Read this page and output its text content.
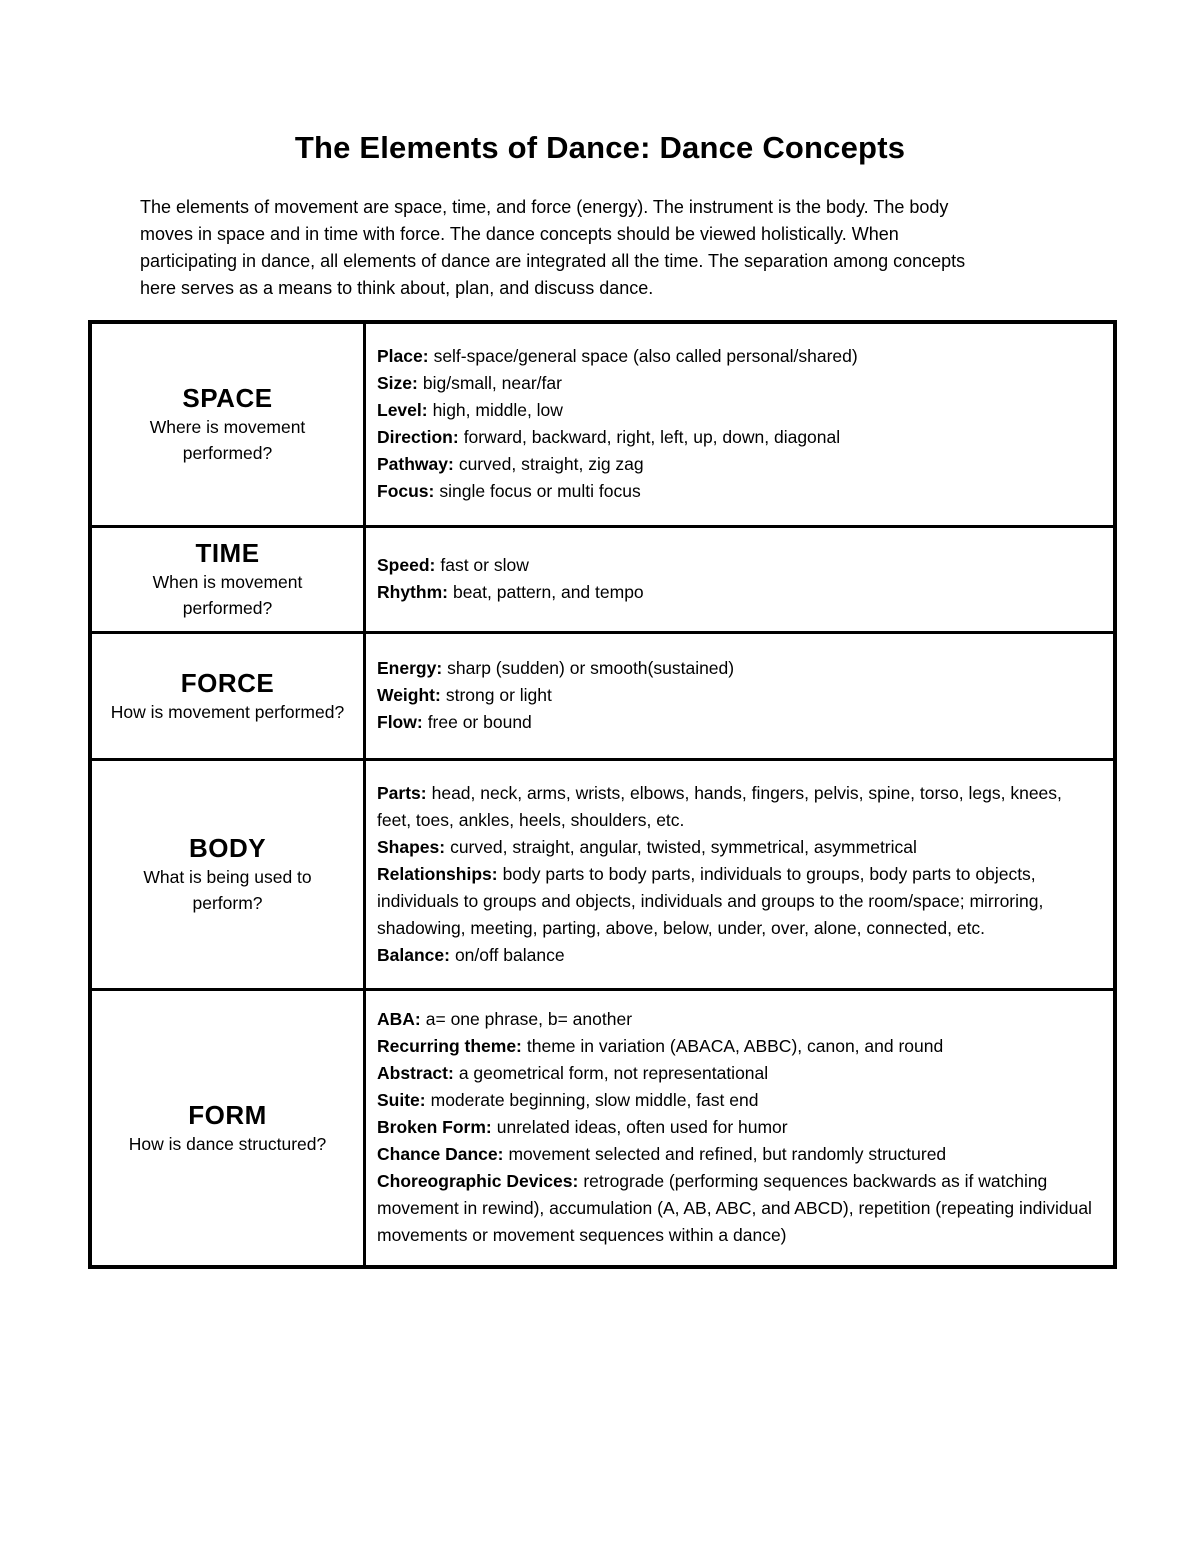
The Elements of Dance: Dance Concepts
The elements of movement are space, time, and force (energy). The instrument is the body. The body
moves in space and in time with force. The dance concepts should be viewed holistically. When
participating in dance, all elements of dance are integrated all the time. The separation among concepts
here serves as a means to think about, plan, and discuss dance.
SPACE
Where is movement performed?

Place: self-space/general space (also called personal/shared)

Size: big/small, near/far

Level: high, middle, low

Direction: forward, backward, right, left, up, down, diagonal

Pathway: curved, straight, zig zag

Focus: single focus or multi focus

TIME
When is movement performed?

Speed: fast or slow

Rhythm: beat, pattern, and tempo

FORCE
How is movement performed?

Energy: sharp (sudden) or smooth(sustained)

Weight: strong or light

Flow: free or bound

BODY
What is being used to perform?

Parts: head, neck, arms, wrists, elbows, hands, fingers, pelvis, spine, torso, legs, knees, feet, toes, ankles, heels, shoulders, etc.

Shapes: curved, straight, angular, twisted, symmetrical, asymmetrical

Relationships: body parts to body parts, individuals to groups, body parts to objects, individuals to groups and objects, individuals and groups to the room/space; mirroring, shadowing, meeting, parting, above, below, under, over, alone, connected, etc.

Balance: on/off balance

FORM
How is dance structured?

ABA: a= one phrase, b= another

Recurring theme: theme in variation (ABACA, ABBC), canon, and round

Abstract: a geometrical form, not representational

Suite: moderate beginning, slow middle, fast end

Broken Form: unrelated ideas, often used for humor

Chance Dance: movement selected and refined, but randomly structured

Choreographic Devices: retrograde (performing sequences backwards as if watching movement in rewind), accumulation (A, AB, ABC, and ABCD), repetition (repeating individual movements or movement sequences within a dance)
